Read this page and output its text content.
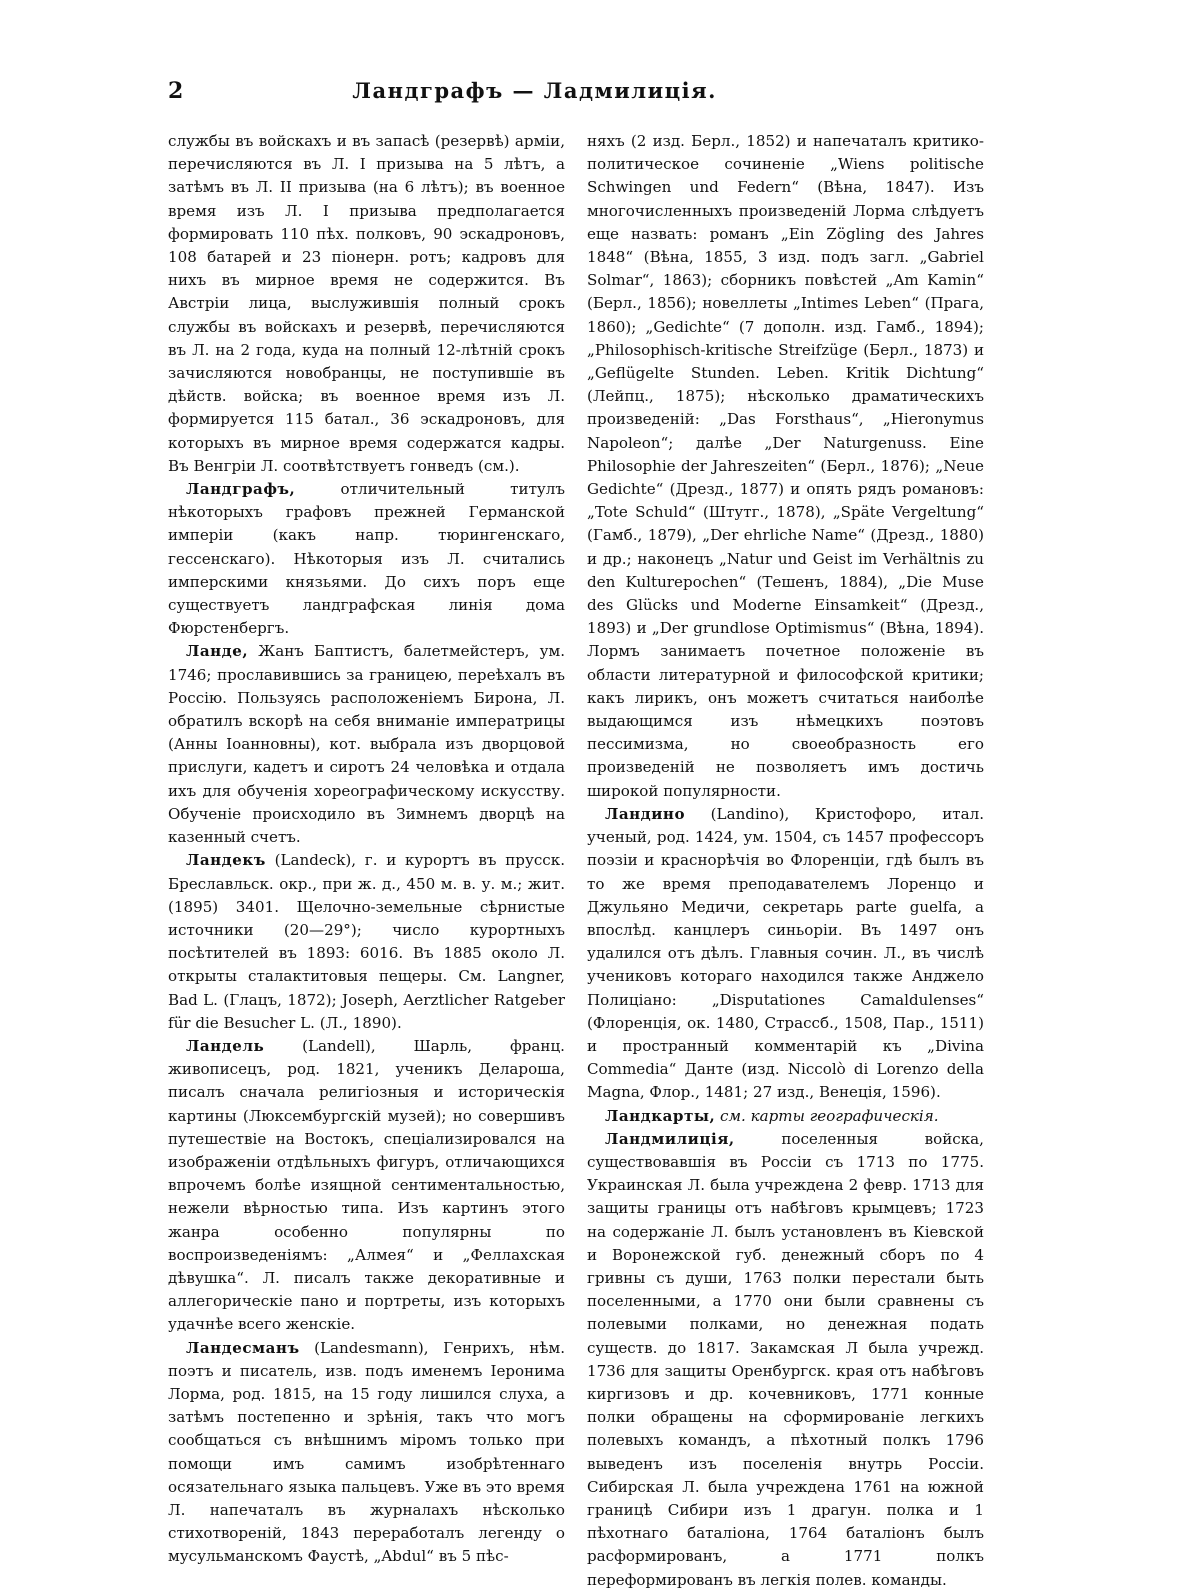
2	Ландграфъ — Ладмилиція.

службы въ войскахъ и въ запасѣ (резервѣ) арміи, перечисляются въ Л. I призыва на 5 лѣтъ, а затѣмъ въ Л. II призыва (на 6 лѣтъ); въ военное время изъ Л. I призыва предполагается формировать 110 пѣх. полковъ, 90 эскадроновъ, 108 батарей и 23 піонерн. ротъ; кадровъ для нихъ въ мирное время не содержится. Въ Австріи лица, выслужившія полный срокъ службы въ войскахъ и резервѣ, перечисляются въ Л. на 2 года, куда на полный 12-лѣтній срокъ зачисляются новобранцы, не поступившіе въ дѣйств. войска; въ военное время изъ Л. формируется 115 батал., 36 эскадроновъ, для которыхъ въ мирное время содержатся кадры. Въ Венгріи Л. соотвѣтствуетъ гонведъ (см.).

Ландграфъ,	отличительный титулъ нѣкоторыхъ графовъ прежней Германской имперіи (какъ напр. тюрингенскаго, гессенскаго). Нѣкоторыя изъ Л. считались имперскими князьями. До сихъ поръ еще существуетъ ландграфская линія дома Фюрстенбергъ.

Ланде, Жанъ Баптистъ, балетмейстеръ, ум. 1746; прославившись за границею, переѣхалъ въ Россію. Пользуясь расположеніемъ Бирона, Л. обратилъ вскорѣ на себя вниманіе императрицы (Анны Іоанновны), кот. выбрала изъ дворцовой прислуги, кадетъ и сиротъ 24 человѣка и отдала ихъ для обученія хореографическому искусству. Обученіе происходило въ Зимнемъ дворцѣ на казенный счетъ.

Ландекъ (Landeck), г. и курортъ въ прусск. Бреславльск. окр., при ж. д., 450 м. в. у. м.; жит. (1895) 3401. Щелочно-земельные сѣрнистые источники (20—29°); число курортныхъ посѣтителей въ 1893: 6016. Въ 1885 около Л. открыты сталактитовыя пещеры. См. Langner, Bad L. (Глацъ, 1872); Joseph, Aerztlicher Ratgeber für die Besucher L. (Л., 1890).

Ландель	(Landell), Шарль, франц. живописецъ, род. 1821, ученикъ Делароша, писалъ сначала религіозныя и историческія картины (Люксембургскій музей); но совершивъ путешествіе на Востокъ, спеціализировался на изображеніи отдѣльныхъ фигуръ, отличающихся впрочемъ болѣе изящной сентиментальностью, нежели вѣрностью типа. Изъ картинъ этого жанра особенно популярны по воспроизведеніямъ: „Алмея“ и „Феллахская дѣвушка“. Л. писалъ также декоративные и аллегорическіе пано и портреты, изъ которыхъ удачнѣе всего женскіе.

Ландесманъ (Landesmann), Генрихъ, нѣм. поэтъ и писатель, изв. подъ именемъ Іеронима Лорма, род. 1815, на 15 году лишился слуха, а затѣмъ постепенно и зрѣнія, такъ что могъ сообщаться съ внѣшнимъ міромъ только при помощи имъ самимъ изобрѣтеннаго осязательнаго языка пальцевъ. Уже въ это время Л. напечаталъ въ журналахъ нѣсколько стихотвореній, 1843 переработалъ легенду о мусульманскомъ Фаустѣ, „Abdul“ въ 5 пѣс-

няхъ (2 изд. Берл., 1852) и напечаталъ критико-политическое сочиненіе „Wiens politische Schwingen und Federn“ (Вѣна, 1847). Изъ многочисленныхъ произведеній Лорма слѣдуетъ еще назвать: романъ „Ein Zögling des Jahres 1848“ (Вѣна, 1855, 3 изд. подъ загл. „Gabriel Solmar“, 1863); сборникъ повѣстей „Am Kamin“ (Берл., 1856); новеллеты „Intimes Leben“ (Прага, 1860); „Gedichte“ (7 дополн. изд. Гамб., 1894); „Philosophisch-kritische Streifzüge (Берл., 1873) и „Geflügelte Stunden. Leben. Kritik Dichtung“ (Лейпц., 1875); нѣсколько драматическихъ произведеній: „Das Forsthaus“, „Hieronymus Napoleon“; далѣе „Der Naturgenuss. Eine Philosophie der Jahreszeiten“ (Берл., 1876); „Neue Gedichte“ (Дрезд., 1877) и опять рядъ романовъ: „Tote Schuld“ (Штутг., 1878), „Späte Vergeltung“ (Гамб., 1879), „Der ehrliche Name“ (Дрезд., 1880) и др.; наконецъ „Natur und Geist im Verhältnis zu den Kulturepochen“ (Тешенъ, 1884), „Die Muse des Glücks und Moderne Einsamkeit“ (Дрезд., 1893) и „Der grundlose Optimismus“ (Вѣна, 1894). Лормъ занимаетъ почетное положеніе въ области литературной и философской критики; какъ лирикъ, онъ можетъ считаться наиболѣе выдающимся изъ нѣмецкихъ поэтовъ пессимизма, но своеобразность его произведеній не позволяетъ имъ достичь широкой популярности.

Ландино (Landino), Кристофоро, итал. ученый, род. 1424, ум. 1504, съ 1457 профессоръ поэзіи и краснорѣчія во Флоренціи, гдѣ былъ въ то же время преподавателемъ Лоренцо и Джульяно Медичи, секретарь parte guelfa, а впослѣд. канцлеръ синьоріи. Въ 1497 онъ удалился отъ дѣлъ. Главныя сочин. Л., въ числѣ учениковъ котораго находился также Анджело Полиціано: „Disputationes Camaldulenses“ (Флоренція, ок. 1480, Страссб., 1508, Пар., 1511) и пространный комментарій къ „Divina Commedia“ Данте (изд. Niccolò di Lorenzo della Magna, Флор., 1481; 27 изд., Венеція, 1596).

Ландкарты, см. карты географическія.

Ландмилиція,	поселенныя войска, существовавшія въ Россіи съ 1713 по 1775. Украинская Л. была учреждена 2 февр. 1713 для защиты границы отъ набѣговъ крымцевъ; 1723 на содержаніе Л. былъ установленъ въ Кіевской и Воронежской губ. денежный сборъ по 4 гривны съ души, 1763 полки перестали быть поселенными, а 1770 они были сравнены съ полевыми полками, но денежная подать существ. до 1817. Закамская Л была учрежд. 1736 для защиты Оренбургск. края отъ набѣговъ киргизовъ и др. кочевниковъ, 1771 конные полки обращены на сформированіе легкихъ полевыхъ командъ, а пѣхотный полкъ 1796 выведенъ изъ поселенія внутрь Россіи. Сибирская Л. была учреждена 1761 на южной границѣ Сибири изъ 1 драгун. полка и 1 пѣхотнаго баталіона, 1764 баталіонъ былъ расформированъ, а 1771 полкъ переформированъ въ легкія полев. команды.
